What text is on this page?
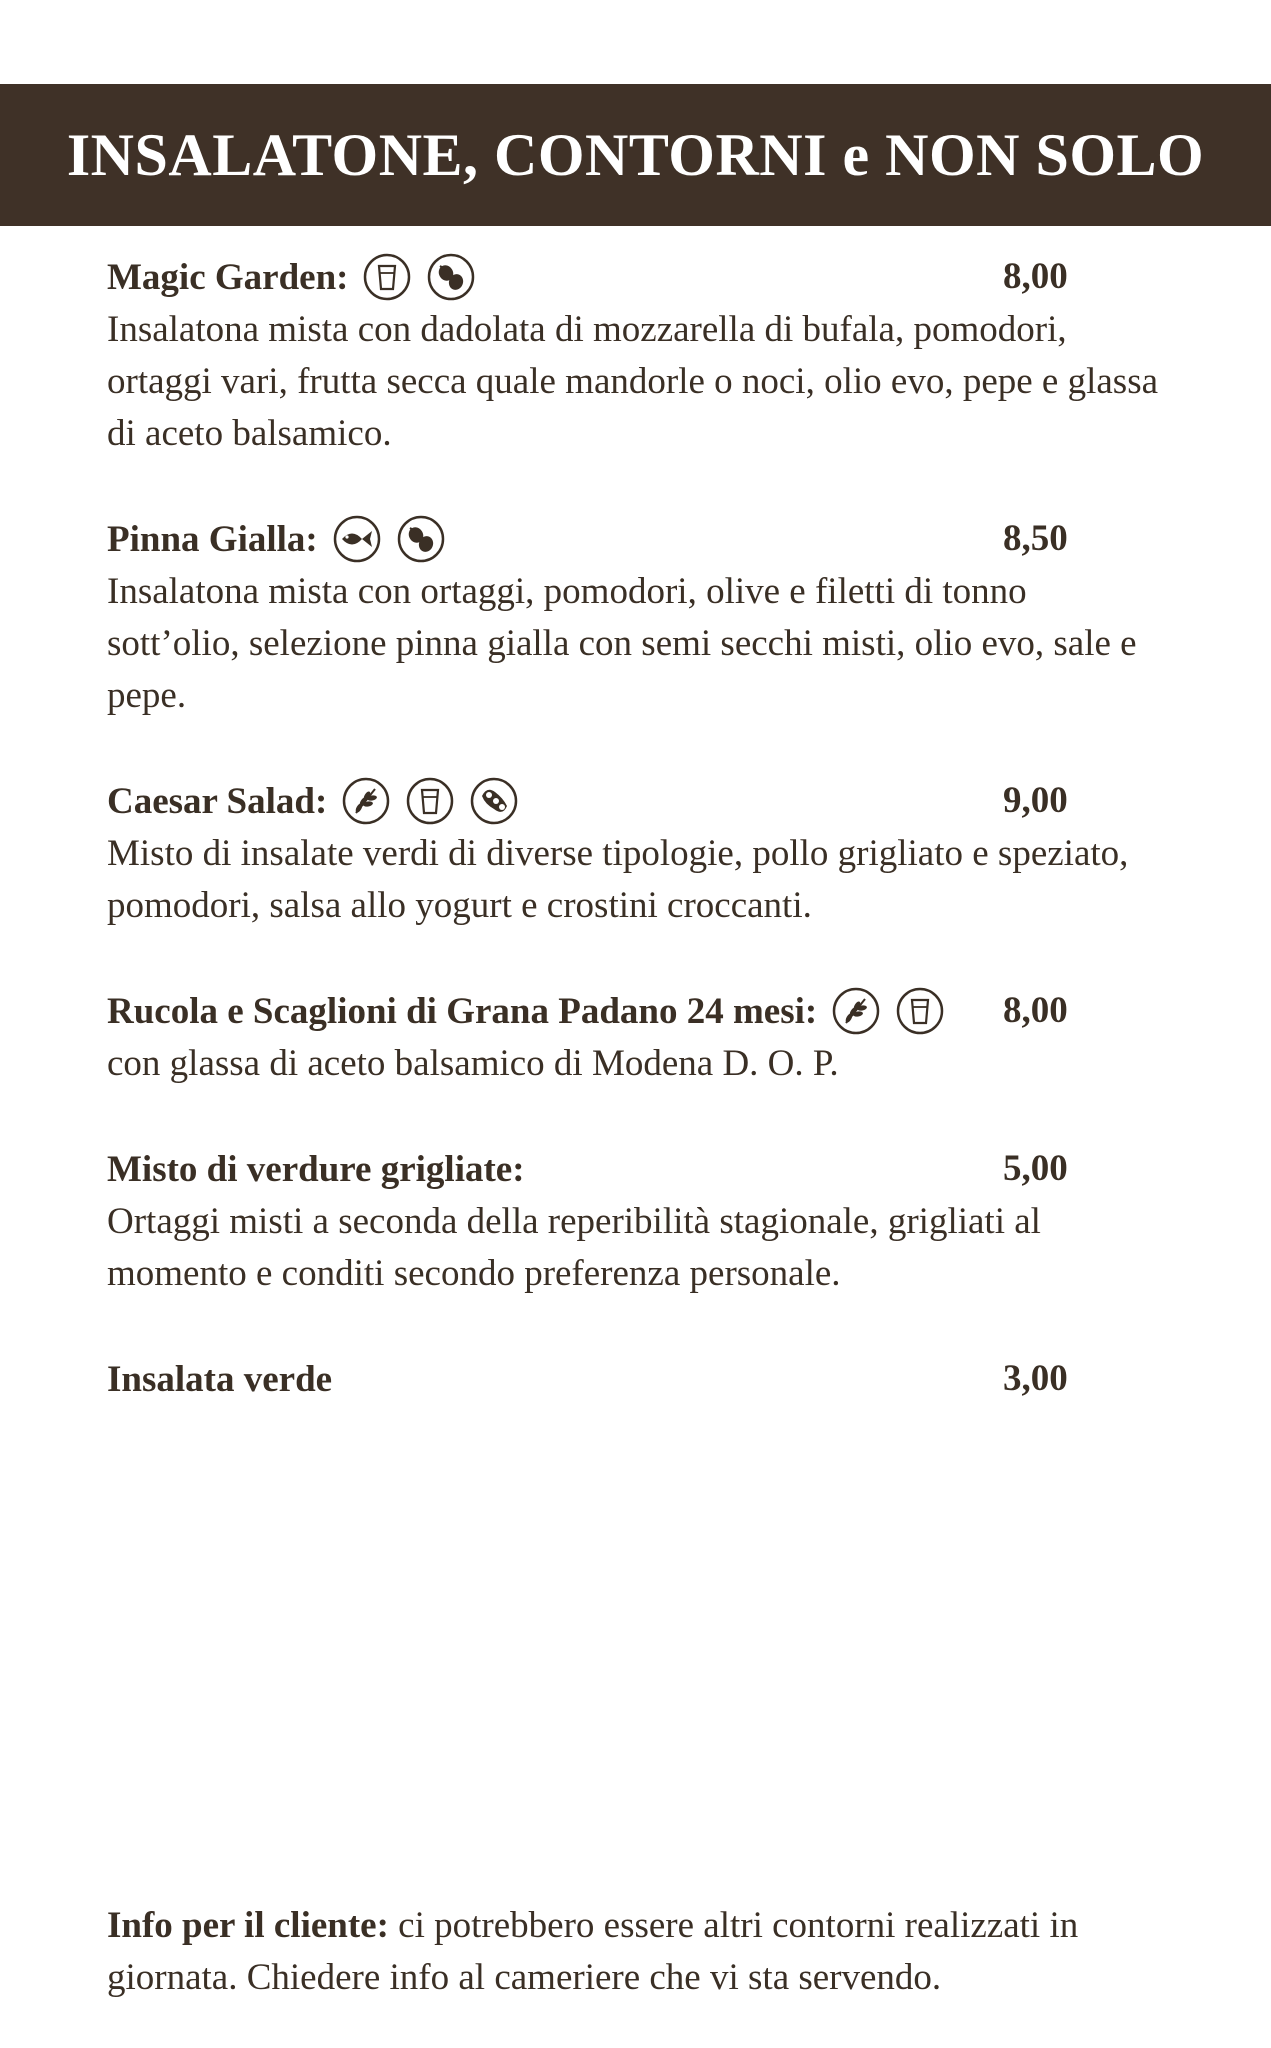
INSALATONE, CONTORNI e NON SOLO
Magic Garden:	8,00

Insalatona mista con dadolata di mozzarella di bufala, pomodori, ortaggi vari, frutta secca quale mandorle o noci, olio evo, pepe e glassa di aceto balsamico.

Pinna Gialla:	8,50

Insalatona mista con ortaggi, pomodori, olive e filetti di tonno sott’olio, selezione pinna gialla con semi secchi misti, olio evo, sale e pepe.

Caesar Salad:	9,00

Misto di insalate verdi di diverse tipologie, pollo grigliato e speziato, pomodori, salsa allo yogurt e crostini croccanti.

Rucola e Scaglioni di Grana Padano 24 mesi:	8,00

con glassa di aceto balsamico di Modena D. O. P.

Misto di verdure grigliate:	5,00

Ortaggi misti a seconda della reperibilità stagionale, grigliati al momento e conditi secondo preferenza personale.

Insalata verde	3,00
Info per il cliente: ci potrebbero essere altri contorni realizzati in giornata. Chiedere info al cameriere che vi sta servendo.
